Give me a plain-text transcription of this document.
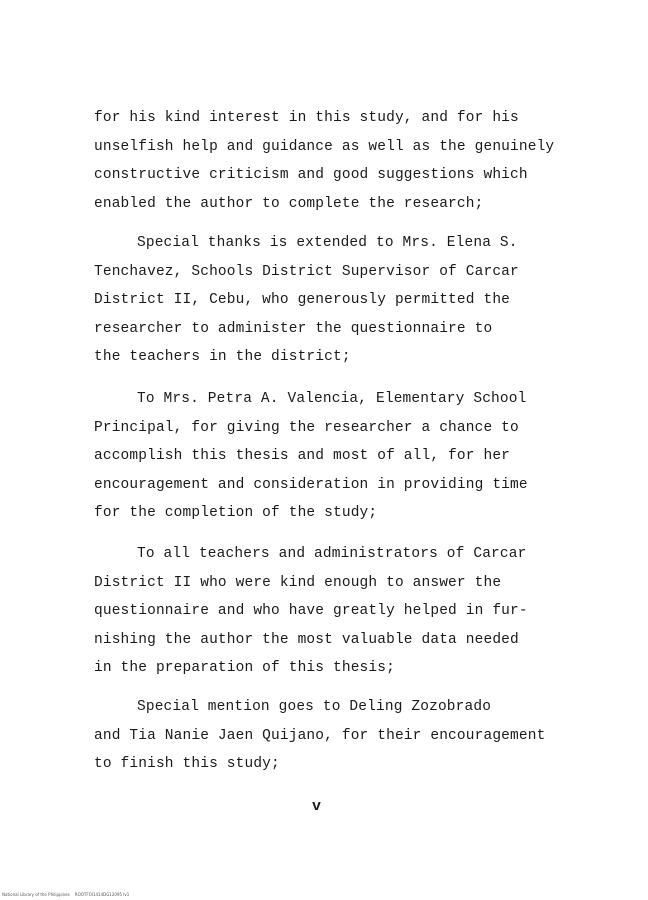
for his kind interest in this study, and for his
unselfish help and guidance as well as the genuinely
constructive criticism and good suggestions which
enabled the author to complete the research;

Special thanks is extended to Mrs. Elena S.
Tenchavez, Schools District Supervisor of Carcar
District II, Cebu, who generously permitted the
researcher to administer the questionnaire to
the teachers in the district;

To Mrs. Petra A. Valencia, Elementary School
Principal, for giving the researcher a chance to
accomplish this thesis and most of all, for her
encouragement and consideration in providing time
for the completion of the study;

To all teachers and administrators of Carcar
District II who were kind enough to answer the
questionnaire and who have greatly helped in fur-
nishing the author the most valuable data needed
in the preparation of this thesis;

Special mention goes to Deling Zozobrado
and Tia Nanie Jaen Quijano, for their encouragement
to finish this study;

v
National Library of the Philippines    ROOTFOI1414DG12095 lv1
